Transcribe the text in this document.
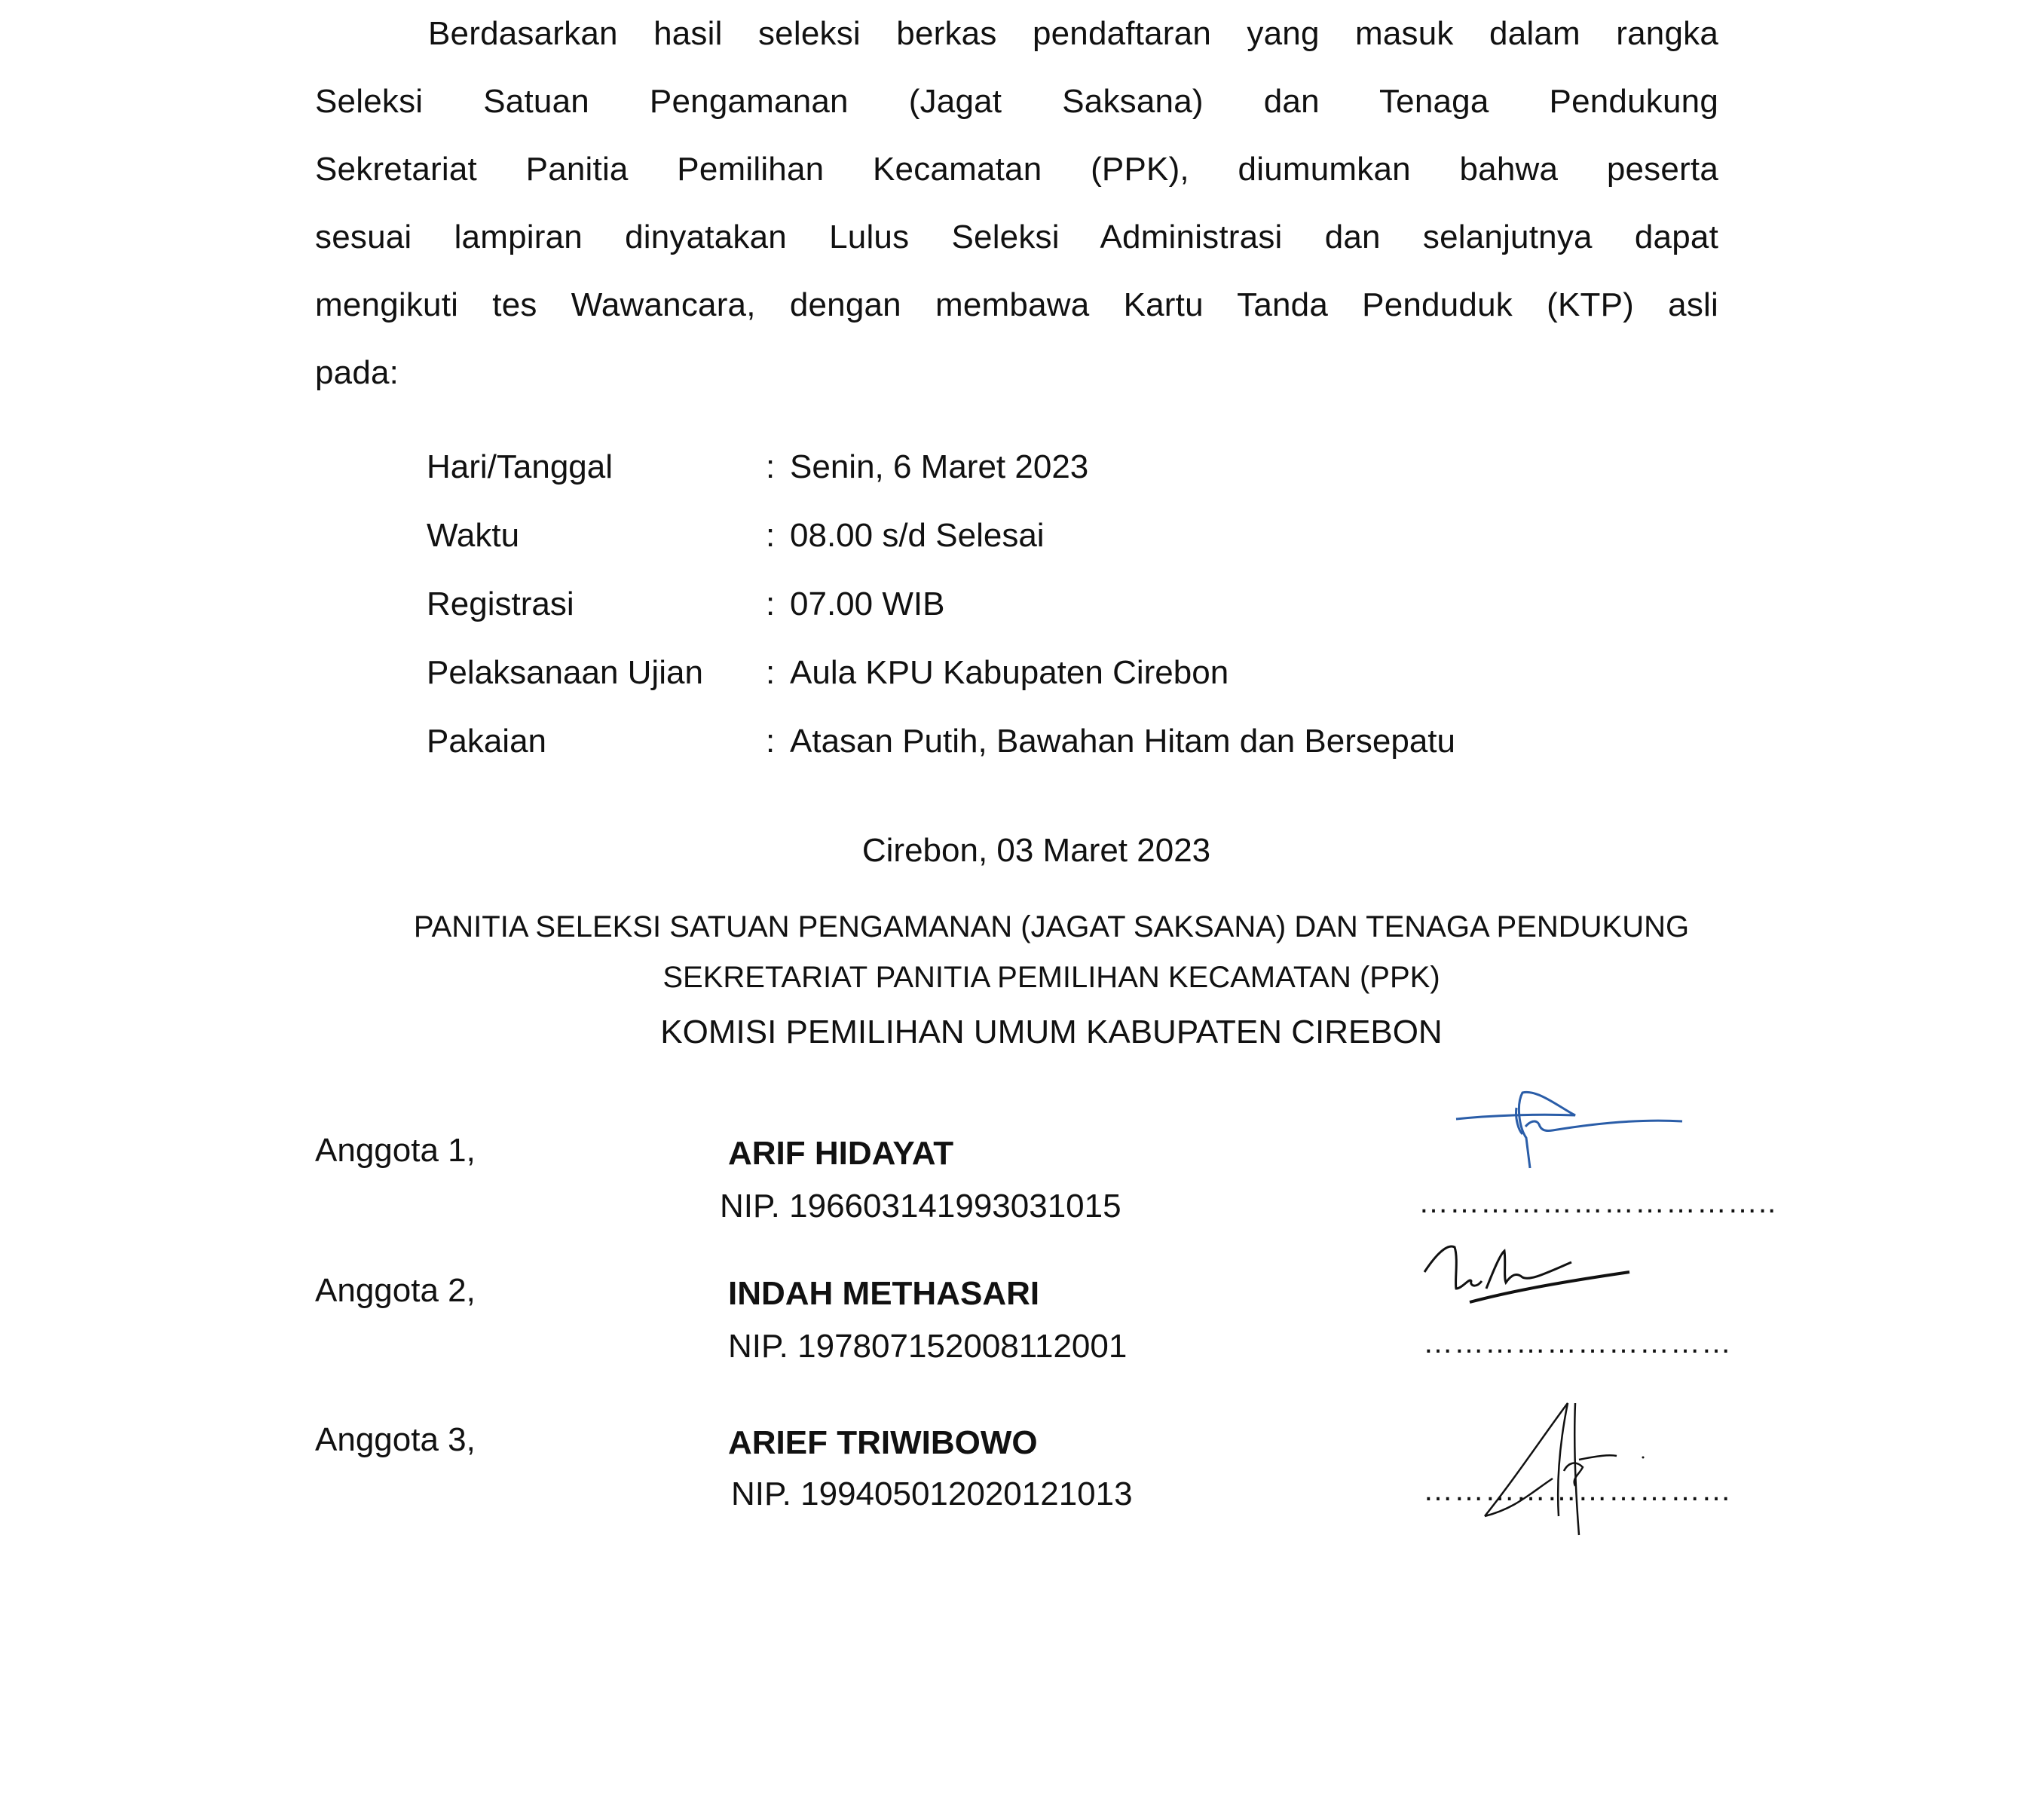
Berdasarkan hasil seleksi berkas pendaftaran yang masuk dalam rangka
Seleksi Satuan Pengamanan (Jagat Saksana) dan Tenaga Pendukung
Sekretariat Panitia Pemilihan Kecamatan (PPK), diumumkan bahwa peserta
sesuai lampiran dinyatakan Lulus Seleksi Administrasi dan selanjutnya dapat
mengikuti tes Wawancara, dengan membawa Kartu Tanda Penduduk (KTP) asli
pada:
Hari/Tanggal	: Senin, 6 Maret 2023
Waktu	: 08.00 s/d Selesai
Registrasi	: 07.00 WIB
Pelaksanaan Ujian	: Aula KPU Kabupaten Cirebon
Pakaian	: Atasan Putih, Bawahan Hitam dan Bersepatu
Cirebon, 03 Maret 2023
PANITIA SELEKSI SATUAN PENGAMANAN (JAGAT SAKSANA) DAN TENAGA PENDUKUNG
SEKRETARIAT PANITIA PEMILIHAN KECAMATAN (PPK)
KOMISI PEMILIHAN UMUM KABUPATEN CIREBON
Anggota 1,	ARIF HIDAYAT
NIP. 196603141993031015	……………………………..
Anggota 2,	INDAH METHASARI
NIP. 197807152008112001	…………………………
Anggota 3,	ARIEF TRIWIBOWO
NIP. 199405012020121013	…………………………
